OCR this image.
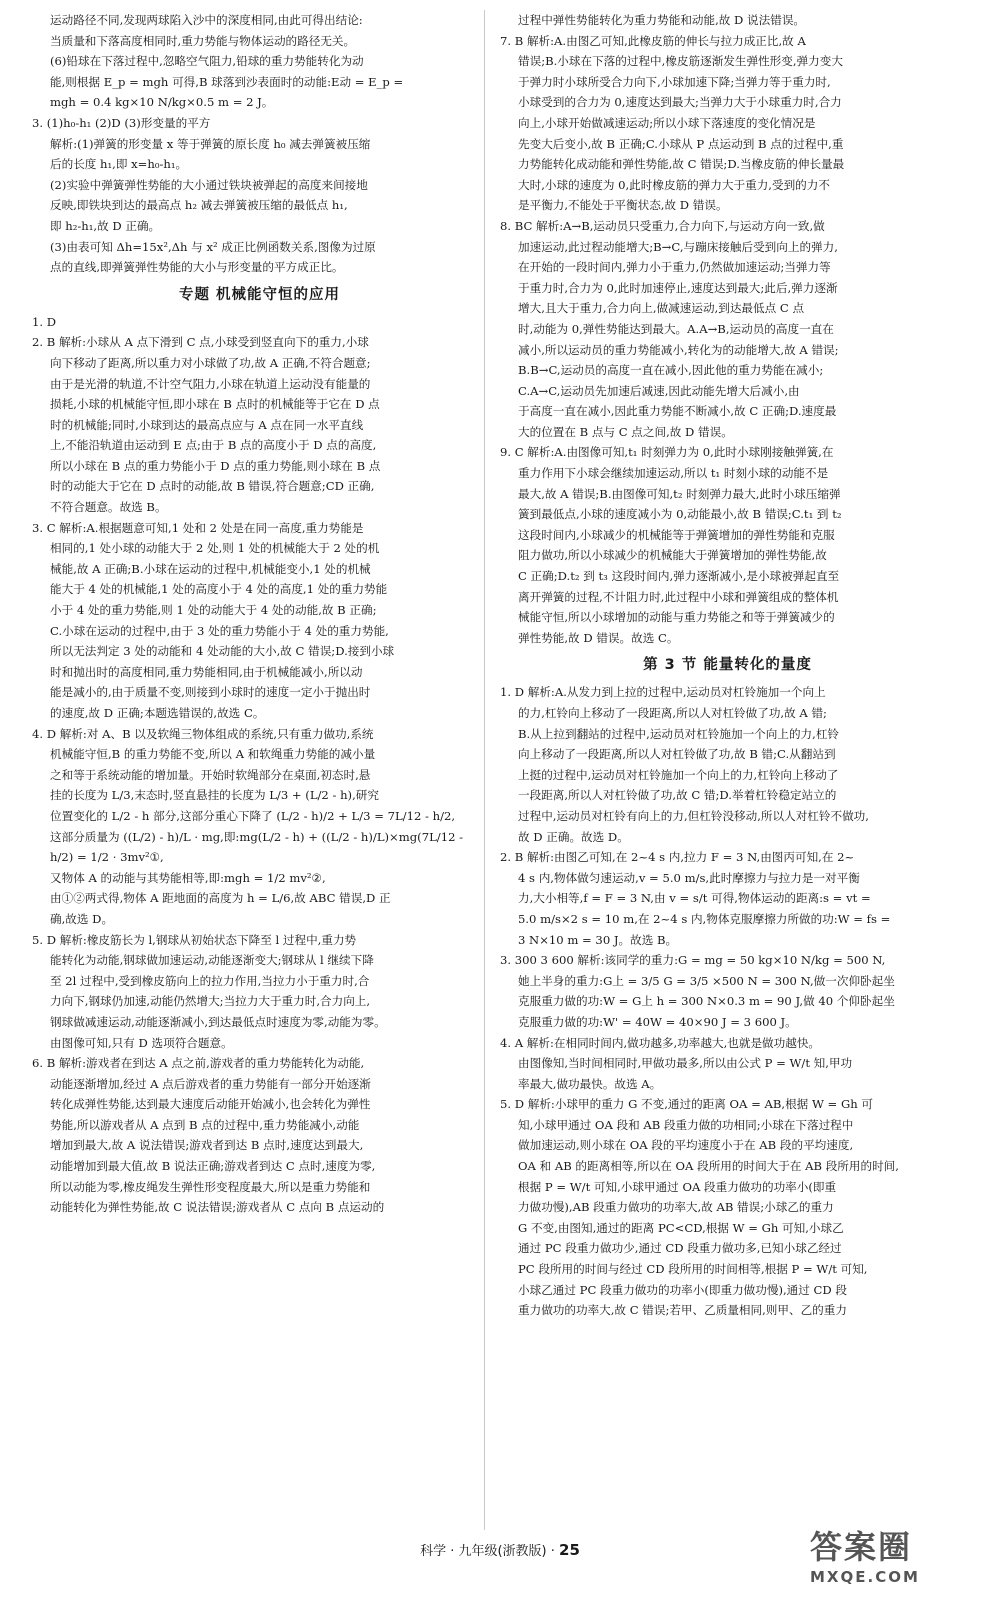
运动路径不同,发现两球陷入沙中的深度相同,由此可得出结论:
当质量和下落高度相同时,重力势能与物体运动的路径无关。
(6)铅球在下落过程中,忽略空气阻力,铅球的重力势能转化为动
能,则根据 E_p = mgh 可得,B 球落到沙表面时的动能:E动 = E_p =
mgh = 0.4 kg×10 N/kg×0.5 m = 2 J。
3. (1)h₀-h₁ (2)D (3)形变量的平方
解析:(1)弹簧的形变量 x 等于弹簧的原长度 h₀ 减去弹簧被压缩
后的长度 h₁,即 x=h₀-h₁。
(2)实验中弹簧弹性势能的大小通过铁块被弹起的高度来间接地
反映,即铁块到达的最高点 h₂ 减去弹簧被压缩的最低点 h₁,
即 h₂-h₁,故 D 正确。
(3)由表可知 Δh=15x²,Δh 与 x² 成正比例函数关系,图像为过原
点的直线,即弹簧弹性势能的大小与形变量的平方成正比。
专题 机械能守恒的应用
1. D
2. B 解析:小球从 A 点下滑到 C 点,小球受到竖直向下的重力,小球
向下移动了距离,所以重力对小球做了功,故 A 正确,不符合题意;
由于是光滑的轨道,不计空气阻力,小球在轨道上运动没有能量的
损耗,小球的机械能守恒,即小球在 B 点时的机械能等于它在 D 点
时的机械能;同时,小球到达的最高点应与 A 点在同一水平直线
上,不能沿轨道由运动到 E 点;由于 B 点的高度小于 D 点的高度,
所以小球在 B 点的重力势能小于 D 点的重力势能,则小球在 B 点
时的动能大于它在 D 点时的动能,故 B 错误,符合题意;CD 正确,
不符合题意。故选 B。
3. C 解析:A.根据题意可知,1 处和 2 处是在同一高度,重力势能是
相同的,1 处小球的动能大于 2 处,则 1 处的机械能大于 2 处的机
械能,故 A 正确;B.小球在运动的过程中,机械能变小,1 处的机械
能大于 4 处的机械能,1 处的高度小于 4 处的高度,1 处的重力势能
小于 4 处的重力势能,则 1 处的动能大于 4 处的动能,故 B 正确;
C.小球在运动的过程中,由于 3 处的重力势能小于 4 处的重力势能,
所以无法判定 3 处的动能和 4 处动能的大小,故 C 错误;D.接到小球
时和抛出时的高度相同,重力势能相同,由于机械能减小,所以动
能是减小的,由于质量不变,则接到小球时的速度一定小于抛出时
的速度,故 D 正确;本题选错误的,故选 C。
4. D 解析:对 A、B 以及软绳三物体组成的系统,只有重力做功,系统
机械能守恒,B 的重力势能不变,所以 A 和软绳重力势能的减小量
之和等于系统动能的增加量。开始时软绳部分在桌面,初态时,悬
挂的长度为 L/3,末态时,竖直悬挂的长度为 L/3 + (L/2 - h),研究
位置变化的 L/2 - h 部分,这部分重心下降了 (L/2 - h)/2 + L/3 = 7L/12 - h/2,
这部分质量为 ((L/2) - h)/L · mg,即:mg(L/2 - h) + ((L/2 - h)/L)×mg(7L/12 -
h/2) = 1/2 · 3mv²①,
又物体 A 的动能与其势能相等,即:mgh = 1/2 mv²②,
由①②两式得,物体 A 距地面的高度为 h = L/6,故 ABC 错误,D 正
确,故选 D。
5. D 解析:橡皮筋长为 l,钢球从初始状态下降至 l 过程中,重力势
能转化为动能,钢球做加速运动,动能逐渐变大;钢球从 l 继续下降
至 2l 过程中,受到橡皮筋向上的拉力作用,当拉力小于重力时,合
力向下,钢球仍加速,动能仍然增大;当拉力大于重力时,合力向上,
钢球做减速运动,动能逐渐减小,到达最低点时速度为零,动能为零。
由图像可知,只有 D 选项符合题意。
6. B 解析:游戏者在到达 A 点之前,游戏者的重力势能转化为动能,
动能逐渐增加,经过 A 点后游戏者的重力势能有一部分开始逐渐
转化成弹性势能,达到最大速度后动能开始减小,也会转化为弹性
势能,所以游戏者从 A 点到 B 点的过程中,重力势能减小,动能
增加到最大,故 A 说法错误;游戏者到达 B 点时,速度达到最大,
动能增加到最大值,故 B 说法正确;游戏者到达 C 点时,速度为零,
所以动能为零,橡皮绳发生弹性形变程度最大,所以是重力势能和
动能转化为弹性势能,故 C 说法错误;游戏者从 C 点向 B 点运动的
过程中弹性势能转化为重力势能和动能,故 D 说法错误。
7. B 解析:A.由图乙可知,此橡皮筋的伸长与拉力成正比,故 A
错误;B.小球在下落的过程中,橡皮筋逐渐发生弹性形变,弹力变大
于弹力时小球所受合力向下,小球加速下降;当弹力等于重力时,
小球受到的合力为 0,速度达到最大;当弹力大于小球重力时,合力
向上,小球开始做减速运动;所以小球下落速度的变化情况是
先变大后变小,故 B 正确;C.小球从 P 点运动到 B 点的过程中,重
力势能转化成动能和弹性势能,故 C 错误;D.当橡皮筋的伸长量最
大时,小球的速度为 0,此时橡皮筋的弹力大于重力,受到的力不
是平衡力,不能处于平衡状态,故 D 错误。
8. BC 解析:A→B,运动员只受重力,合力向下,与运动方向一致,做
加速运动,此过程动能增大;B→C,与蹦床接触后受到向上的弹力,
在开始的一段时间内,弹力小于重力,仍然做加速运动;当弹力等
于重力时,合力为 0,此时加速停止,速度达到最大;此后,弹力逐渐
增大,且大于重力,合力向上,做减速运动,到达最低点 C 点
时,动能为 0,弹性势能达到最大。A.A→B,运动员的高度一直在
减小,所以运动员的重力势能减小,转化为的动能增大,故 A 错误;
B.B→C,运动员的高度一直在减小,因此他的重力势能在减小;
C.A→C,运动员先加速后减速,因此动能先增大后减小,由
于高度一直在减小,因此重力势能不断减小,故 C 正确;D.速度最
大的位置在 B 点与 C 点之间,故 D 错误。
9. C 解析:A.由图像可知,t₁ 时刻弹力为 0,此时小球刚接触弹簧,在
重力作用下小球会继续加速运动,所以 t₁ 时刻小球的动能不是
最大,故 A 错误;B.由图像可知,t₂ 时刻弹力最大,此时小球压缩弹
簧到最低点,小球的速度减小为 0,动能最小,故 B 错误;C.t₁ 到 t₂
这段时间内,小球减少的机械能等于弹簧增加的弹性势能和克服
阻力做功,所以小球减少的机械能大于弹簧增加的弹性势能,故
C 正确;D.t₂ 到 t₃ 这段时间内,弹力逐渐减小,是小球被弹起直至
离开弹簧的过程,不计阻力时,此过程中小球和弹簧组成的整体机
械能守恒,所以小球增加的动能与重力势能之和等于弹簧减少的
弹性势能,故 D 错误。故选 C。
第 3 节 能量转化的量度
1. D 解析:A.从发力到上拉的过程中,运动员对杠铃施加一个向上
的力,杠铃向上移动了一段距离,所以人对杠铃做了功,故 A 错;
B.从上拉到翻站的过程中,运动员对杠铃施加一个向上的力,杠铃
向上移动了一段距离,所以人对杠铃做了功,故 B 错;C.从翻站到
上挺的过程中,运动员对杠铃施加一个向上的力,杠铃向上移动了
一段距离,所以人对杠铃做了功,故 C 错;D.举着杠铃稳定站立的
过程中,运动员对杠铃有向上的力,但杠铃没移动,所以人对杠铃不做功,
故 D 正确。故选 D。
2. B 解析:由图乙可知,在 2~4 s 内,拉力 F = 3 N,由图丙可知,在 2~
4 s 内,物体做匀速运动,v = 5.0 m/s,此时摩擦力与拉力是一对平衡
力,大小相等,f = F = 3 N,由 v = s/t 可得,物体运动的距离:s = vt =
5.0 m/s×2 s = 10 m,在 2~4 s 内,物体克服摩擦力所做的功:W = fs =
3 N×10 m = 30 J。故选 B。
3. 300 3 600 解析:该同学的重力:G = mg = 50 kg×10 N/kg = 500 N,
她上半身的重力:G上 = 3/5 G = 3/5 ×500 N = 300 N,做一次仰卧起坐
克服重力做的功:W = G上 h = 300 N×0.3 m = 90 J,做 40 个仰卧起坐
克服重力做的功:W' = 40W = 40×90 J = 3 600 J。
4. A 解析:在相同时间内,做功越多,功率越大,也就是做功越快。
由图像知,当时间相同时,甲做功最多,所以由公式 P = W/t 知,甲功
率最大,做功最快。故选 A。
5. D 解析:小球甲的重力 G 不变,通过的距离 OA = AB,根据 W = Gh 可
知,小球甲通过 OA 段和 AB 段重力做的功相同;小球在下落过程中
做加速运动,则小球在 OA 段的平均速度小于在 AB 段的平均速度,
OA 和 AB 的距离相等,所以在 OA 段所用的时间大于在 AB 段所用的时间,
根据 P = W/t 可知,小球甲通过 OA 段重力做功的功率小(即重
力做功慢),AB 段重力做功的功率大,故 AB 错误;小球乙的重力
G 不变,由图知,通过的距离 PC<CD,根据 W = Gh 可知,小球乙
通过 PC 段重力做功少,通过 CD 段重力做功多,已知小球乙经过
PC 段所用的时间与经过 CD 段所用的时间相等,根据 P = W/t 可知,
小球乙通过 PC 段重力做功的功率小(即重力做功慢),通过 CD 段
重力做功的功率大,故 C 错误;若甲、乙质量相同,则甲、乙的重力
科学 · 九年级(浙教版) · 25	答案圈
MXQE.COM
